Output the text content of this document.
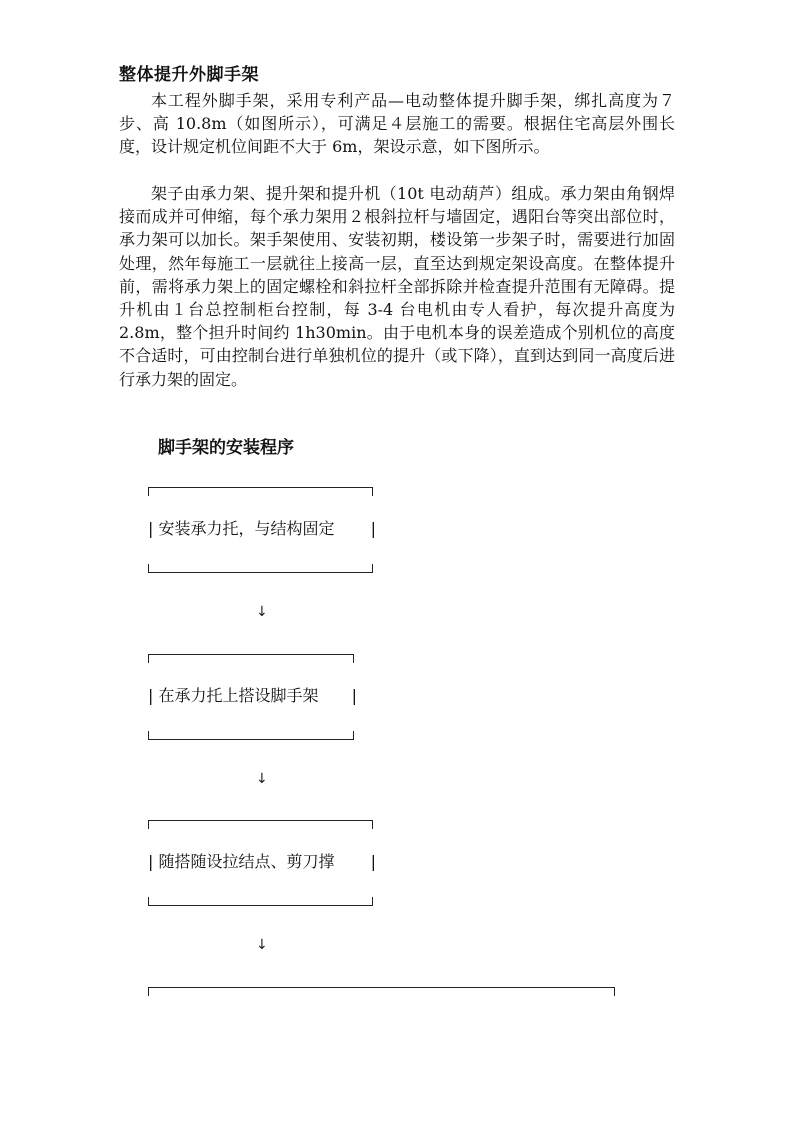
整体提升外脚手架

本工程外脚手架，采用专利产品—电动整体提升脚手架，绑扎高度为７步、高 10.8m（如图所示），可满足４层施工的需要。根据住宅高层外围长度，设计规定机位间距不大于 6m，架设示意，如下图所示。

架子由承力架、提升架和提升机（10t 电动葫芦）组成。承力架由角钢焊接而成并可伸缩，每个承力架用２根斜拉杆与墙固定，遇阳台等突出部位时，承力架可以加长。架手架使用、安装初期，楼设第一步架子时，需要进行加固处理，然年每施工一层就往上接高一层，直至达到规定架设高度。在整体提升前，需将承力架上的固定螺栓和斜拉杆全部拆除并检查提升范围有无障碍。提升机由１台总控制柜台控制，每 3-4 台电机由专人看护，每次提升高度为 2.8m，整个担升时间约 1h30min。由于电机本身的误差造成个别机位的高度不合适时，可由控制台进行单独机位的提升（或下降），直到达到同一高度后进行承力架的固定。

脚手架的安装程序
| 安装承力托，与结构固定 |
↓
| 在承力托上搭设脚手架 |
↓
| 随搭随设拉结点、剪刀撑 |
↓
